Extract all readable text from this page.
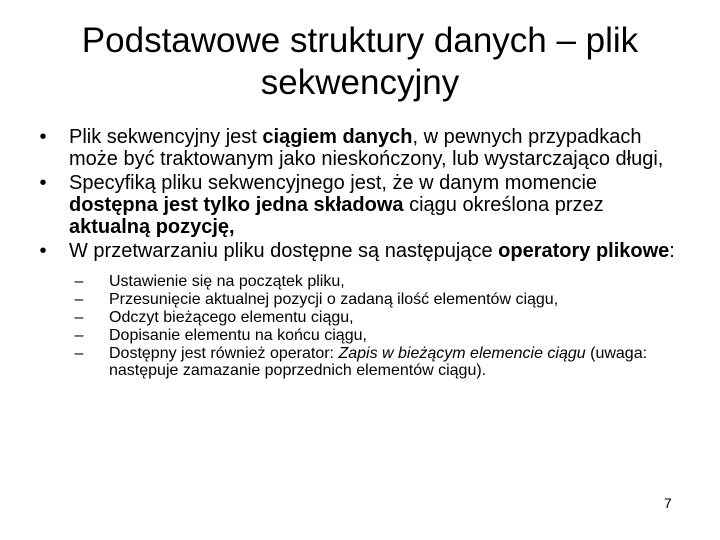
Podstawowe struktury danych – plik
sekwencyjny
•	Plik sekwencyjny jest ciągiem danych, w pewnych przypadkach może być traktowanym jako nieskończony, lub wystarczająco długi,
•	Specyfiką pliku sekwencyjnego jest, że w danym momencie dostępna jest tylko jedna składowa ciągu określona przez aktualną pozycję,
•	W przetwarzaniu pliku dostępne są następujące operatory plikowe:
–	Ustawienie się na początek pliku,
–	Przesunięcie aktualnej pozycji o zadaną ilość elementów ciągu,
–	Odczyt bieżącego elementu ciągu,
–	Dopisanie elementu na końcu ciągu,
–	Dostępny jest również operator: Zapis w bieżącym elemencie ciągu (uwaga: następuje zamazanie poprzednich elementów ciągu).
7
